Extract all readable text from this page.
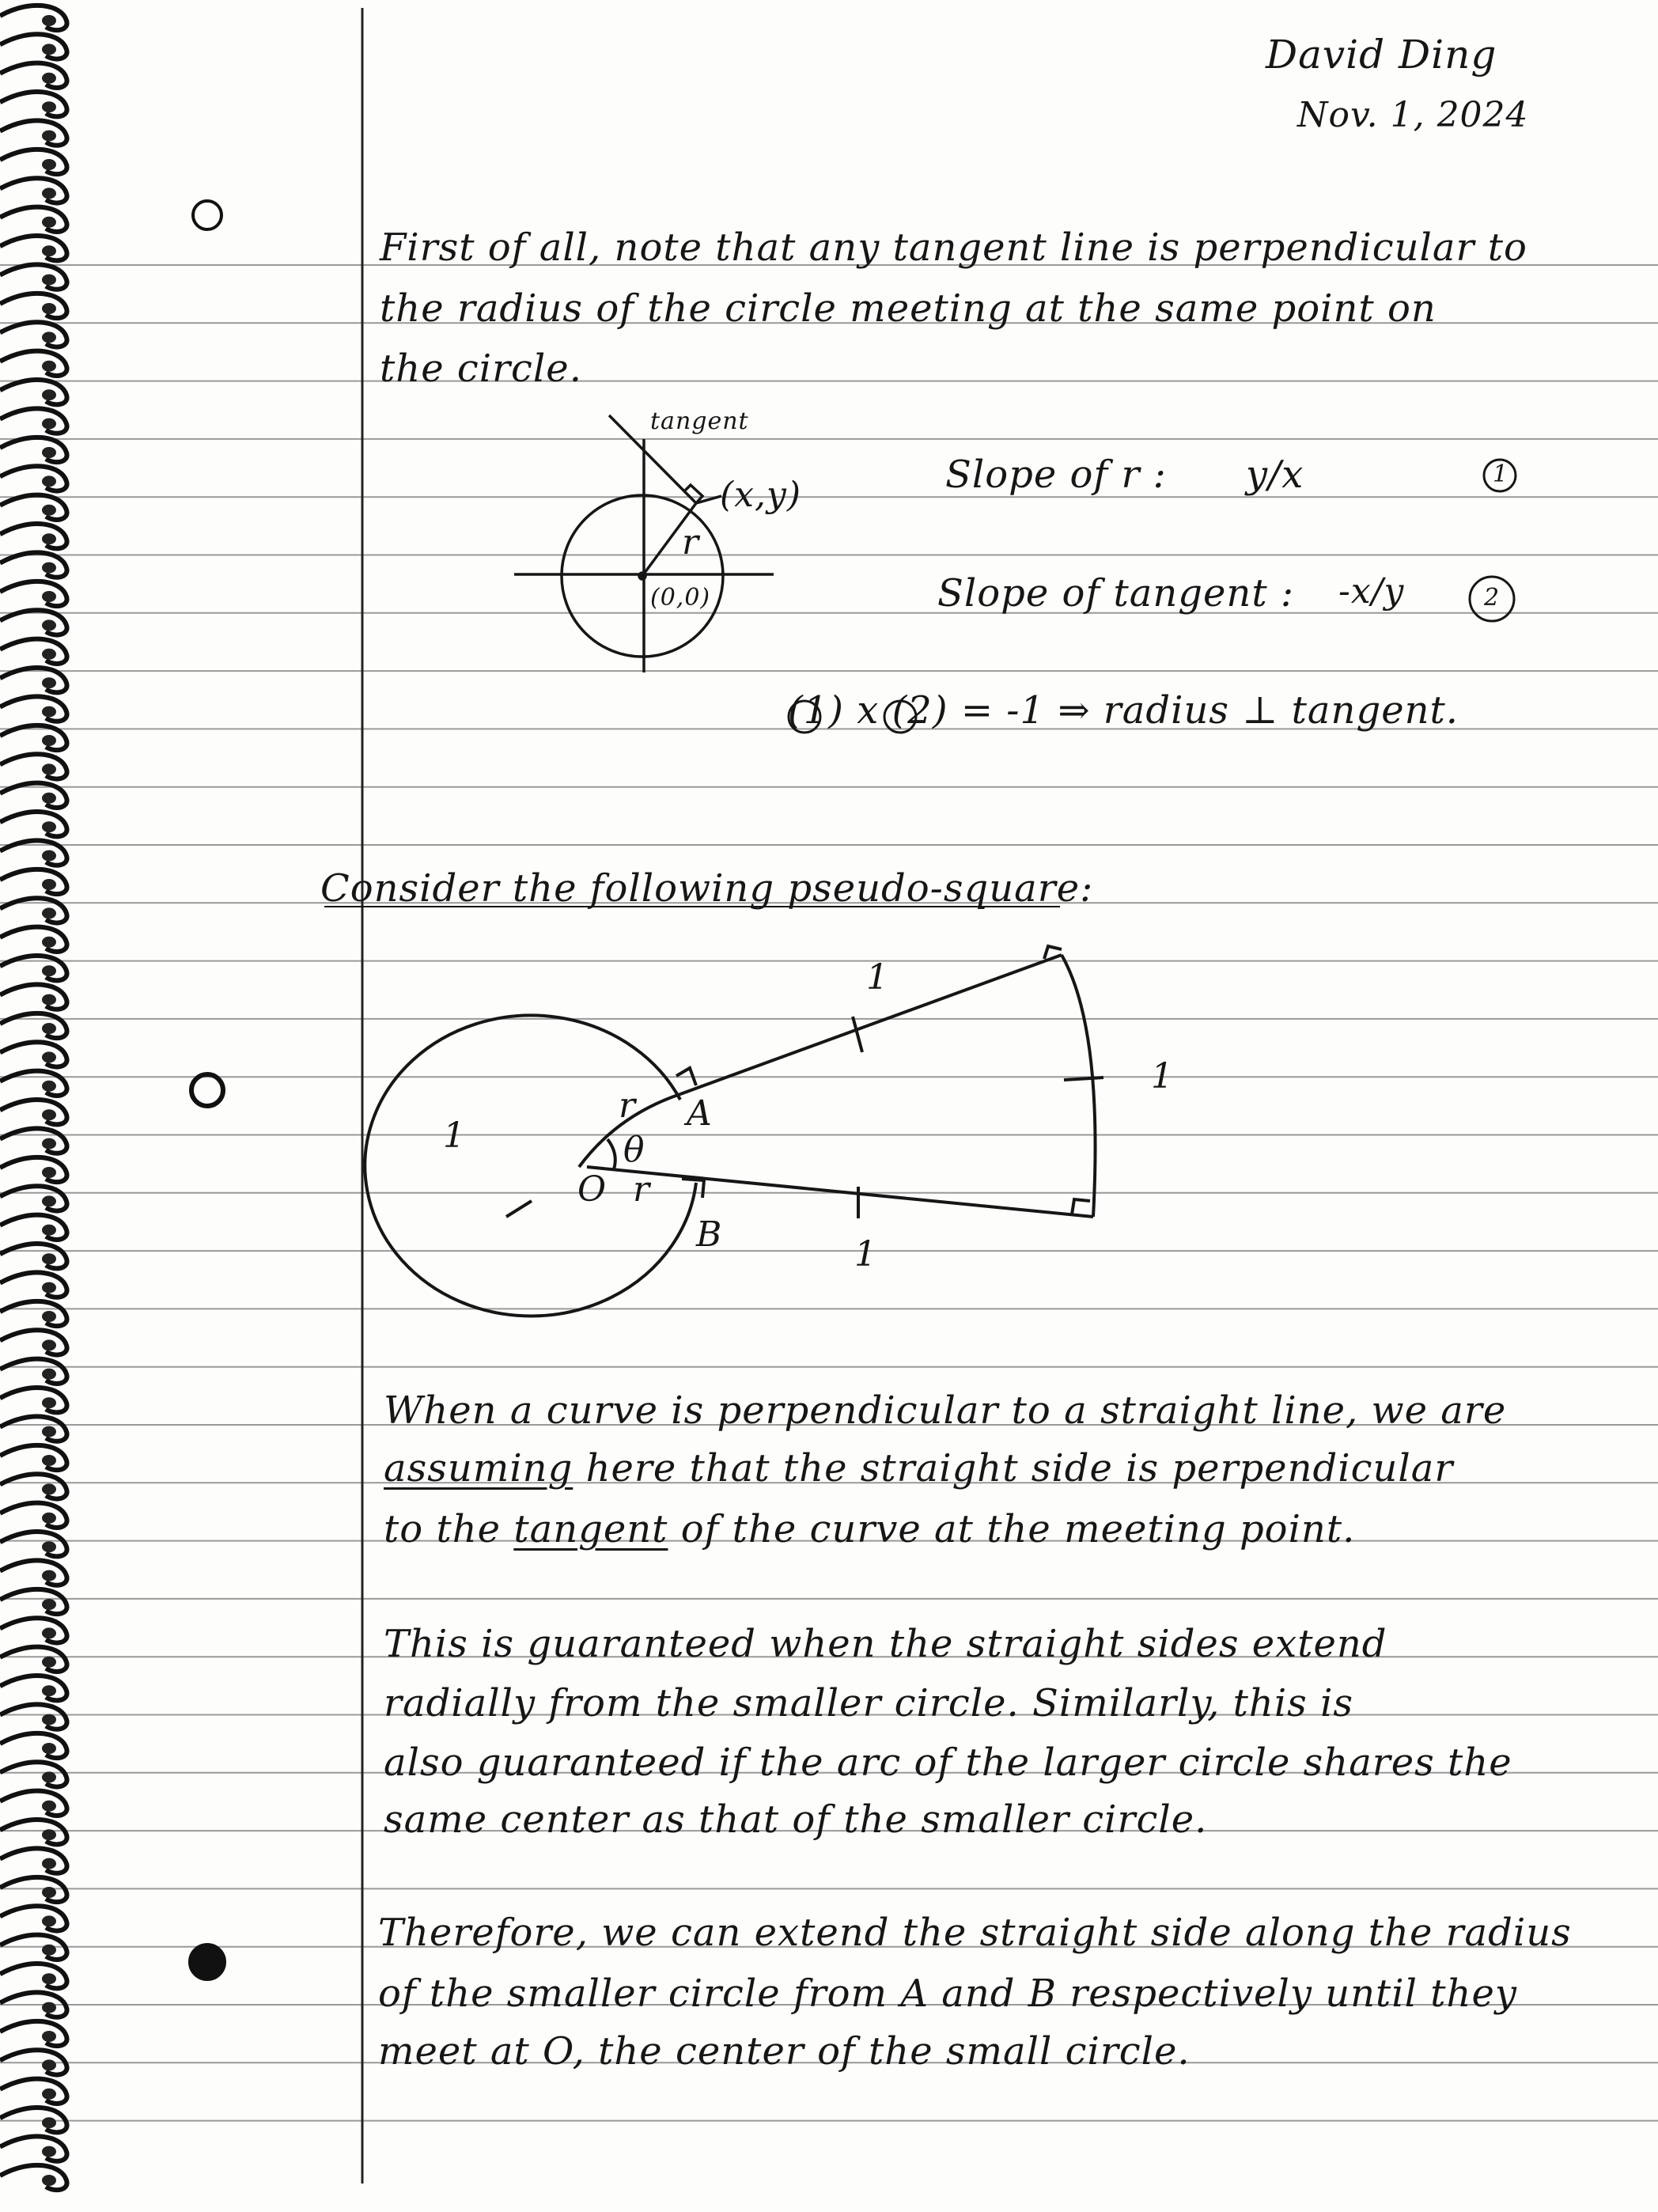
David Ding
Nov. 1, 2024
First of all, note that any tangent line is perpendicular to
the radius of the circle meeting at the same point on
the circle.
tangent
(x,y)
r
(0,0)
Slope of r : y/x	1
Slope of tangent : -x/y	2
(1) x (2) = -1 ⇒ radius ⊥ tangent.
Consider the following pseudo-square:
1
1
1
1
r
r
θ
O
A
B
When a curve is perpendicular to a straight line, we are
assuming here that the straight side is perpendicular
to the tangent of the curve at the meeting point.
This is guaranteed when the straight sides extend
radially from the smaller circle. Similarly, this is
also guaranteed if the arc of the larger circle shares the
same center as that of the smaller circle.
Therefore, we can extend the straight side along the radius
of the smaller circle from A and B respectively until they
meet at O, the center of the small circle.
